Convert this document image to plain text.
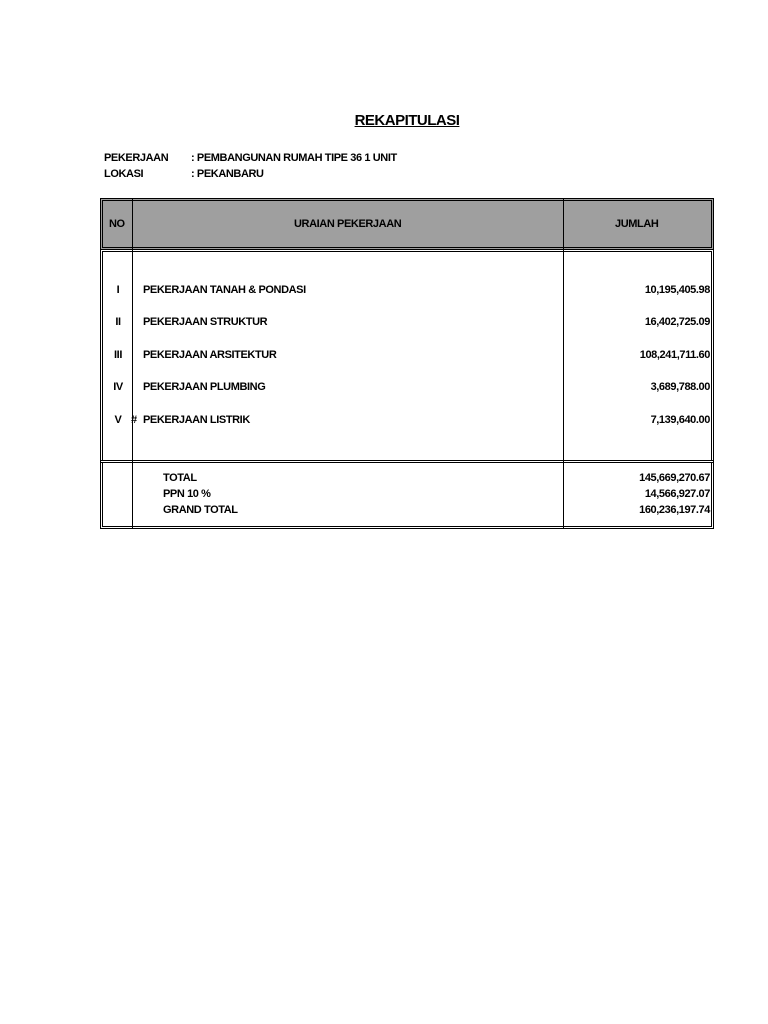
REKAPITULASI
PEKERJAAN : PEMBANGUNAN RUMAH TIPE 36 1 UNIT
LOKASI	: PEKANBARU
NO	URAIAN PEKERJAAN	JUMLAH
I	PEKERJAAN TANAH & PONDASI	10,195,405.98
II	PEKERJAAN STRUKTUR	16,402,725.09
III	PEKERJAAN ARSITEKTUR	108,241,711.60
IV	PEKERJAAN PLUMBING	3,689,788.00
V # PEKERJAAN LISTRIK	7,139,640.00
TOTAL	145,669,270.67
PPN 10 %	14,566,927.07
GRAND TOTAL	160,236,197.74
